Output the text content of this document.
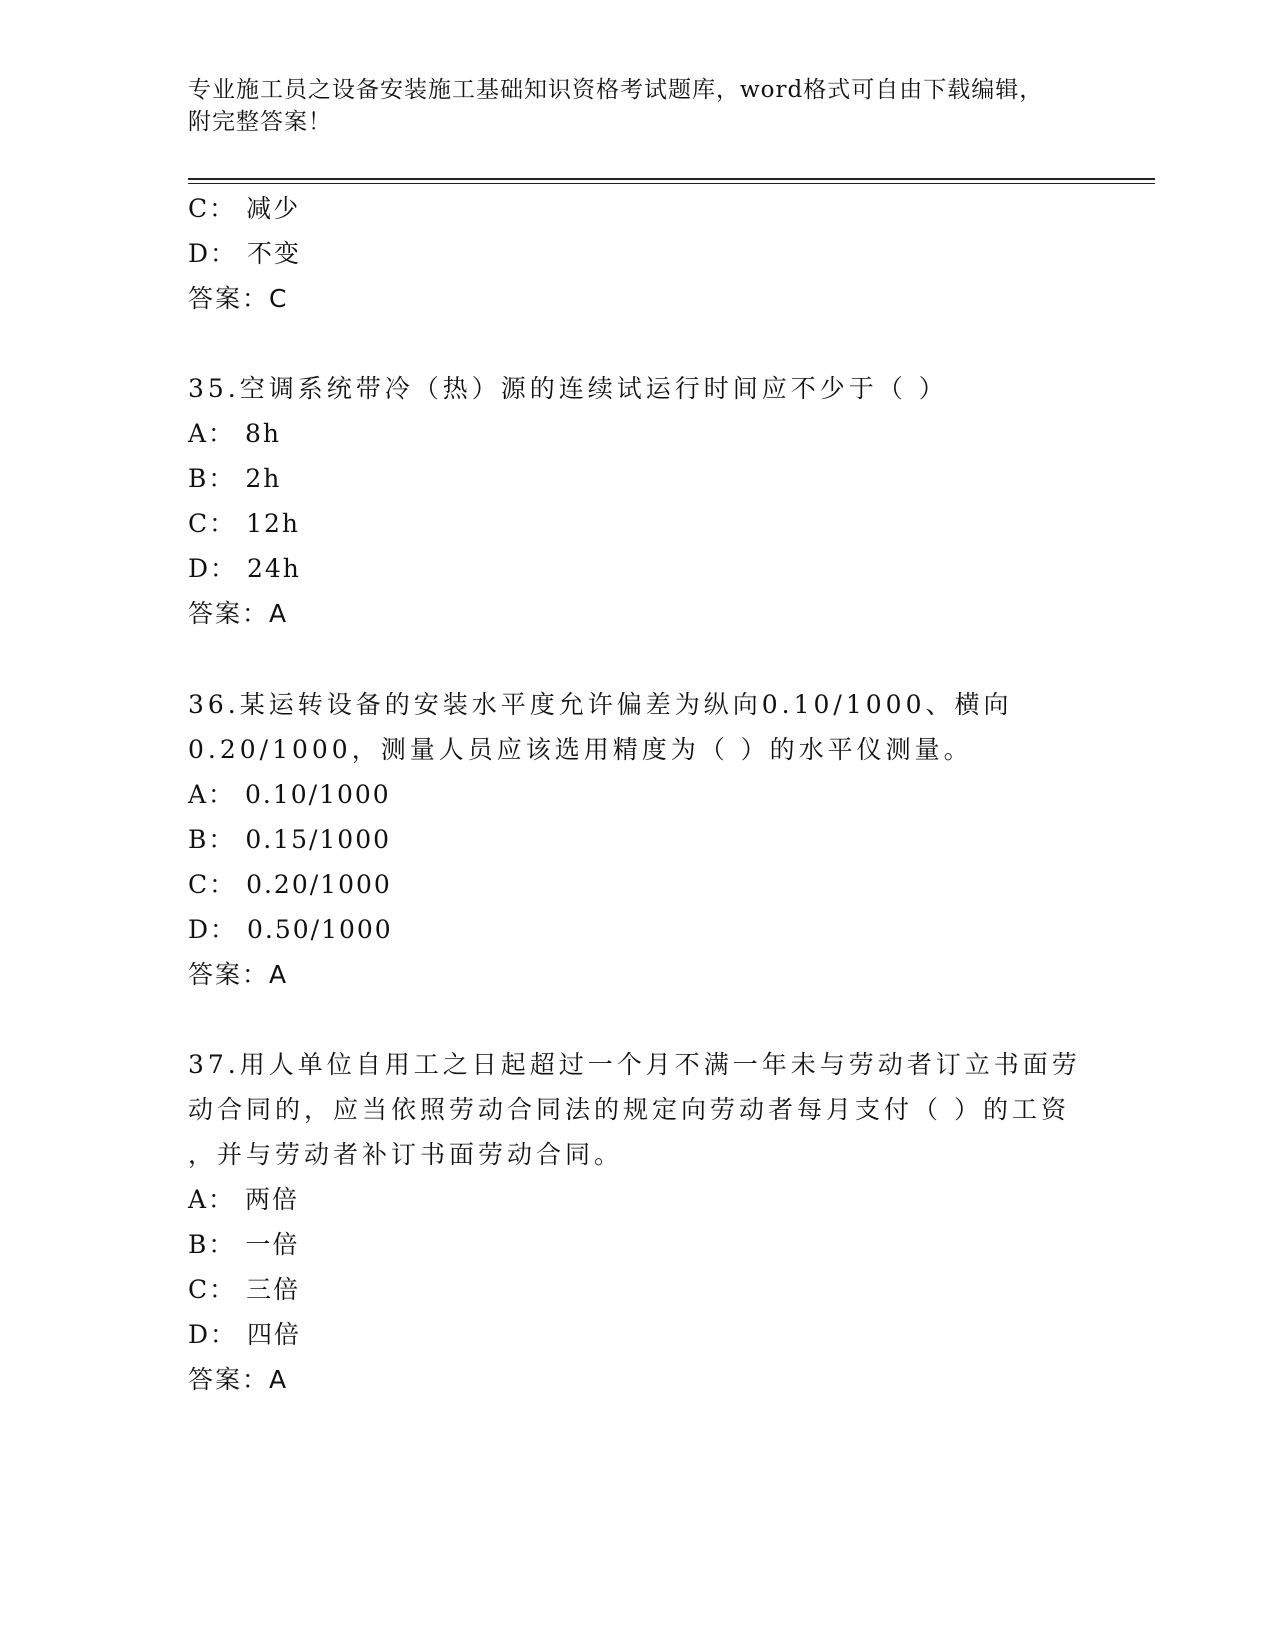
专业施工员之设备安装施工基础知识资格考试题库，word格式可自由下载编辑，
附完整答案！
C： 减少
D： 不变
答案：C
35.空调系统带冷（热）源的连续试运行时间应不少于（ ）
A： 8h
B： 2h
C： 12h
D： 24h
答案：A
36.某运转设备的安装水平度允许偏差为纵向0.10/1000、横向
0.20/1000，测量人员应该选用精度为（ ）的水平仪测量。
A： 0.10/1000
B： 0.15/1000
C： 0.20/1000
D： 0.50/1000
答案：A
37.用人单位自用工之日起超过一个月不满一年未与劳动者订立书面劳
动合同的，应当依照劳动合同法的规定向劳动者每月支付（ ）的工资
，并与劳动者补订书面劳动合同。
A： 两倍
B： 一倍
C： 三倍
D： 四倍
答案：A
